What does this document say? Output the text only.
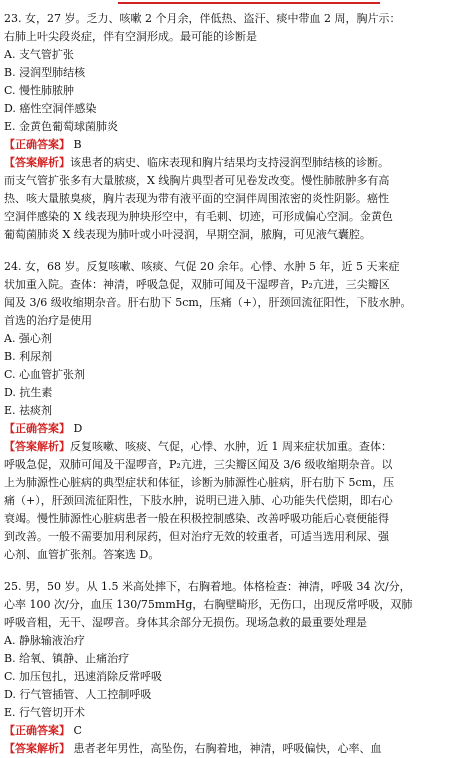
23. 女，27 岁。乏力、咳嗽 2 个月余，伴低热、盗汗、痰中带血 2 周，胸片示：
右肺上叶尖段炎症，伴有空洞形成。最可能的诊断是
A. 支气管扩张
B. 浸润型肺结核
C. 慢性肺脓肿
D. 癌性空洞伴感染
E. 金黄色葡萄球菌肺炎
【正确答案】 B
【答案解析】该患者的病史、临床表现和胸片结果均支持浸润型肺结核的诊断。
而支气管扩张多有大量脓痰，X 线胸片典型者可见卷发改变。慢性肺脓肿多有高
热、咳大量脓臭痰，胸片表现为带有液平面的空洞伴周围浓密的炎性阴影。癌性
空洞伴感染的 X 线表现为肿块形空中，有毛刺、切迹，可形成偏心空洞。金黄色
葡萄菌肺炎 X 线表现为肺叶或小叶浸润，早期空洞，脓胸，可见液气囊腔。
24. 女，68 岁。反复咳嗽、咳痰、气促 20 余年。心悸、水肿 5 年，近 5 天来症
状加重入院。查体：神清，呼吸急促，双肺可闻及干湿啰音，P₂亢进，三尖瓣区
闻及 3/6 级收缩期杂音。肝右肋下 5cm，压痛（+），肝颈回流征阳性，下肢水肿。
首选的治疗是使用
A. 强心剂
B. 利尿剂
C. 心血管扩张剂
D. 抗生素
E. 祛痰剂
【正确答案】 D
【答案解析】反复咳嗽、咳痰、气促，心悸、水肿，近 1 周来症状加重。查体：
呼吸急促，双肺可闻及干湿啰音，P₂亢进，三尖瓣区闻及 3/6 级收缩期杂音。以
上为肺源性心脏病的典型症状和体征，诊断为肺源性心脏病，肝右肋下 5cm，压
痛（+），肝颈回流征阳性，下肢水肿，说明已进入肺、心功能失代偿期，即右心
衰竭。慢性肺源性心脏病患者一般在积极控制感染、改善呼吸功能后心衰便能得
到改善。一般不需要加用利尿药，但对治疗无效的较重者，可适当选用利尿、强
心剂、血管扩张剂。答案选 D。
25. 男，50 岁。从 1.5 米高处摔下，右胸着地。体格检查：神清，呼吸 34 次/分，
心率 100 次/分，血压 130/75mmHg，右胸壁畸形，无伤口，出现反常呼吸，双肺
呼吸音粗，无干、湿啰音。身体其余部分无损伤。现场急救的最重要处理是
A. 静脉输液治疗
B. 给氧、镇静、止痛治疗
C. 加压包扎，迅速消除反常呼吸
D. 行气管插管、人工控制呼吸
E. 行气管切开术
【正确答案】 C
【答案解析】 患者老年男性，高坠伤，右胸着地，神清，呼吸偏快，心率、血
